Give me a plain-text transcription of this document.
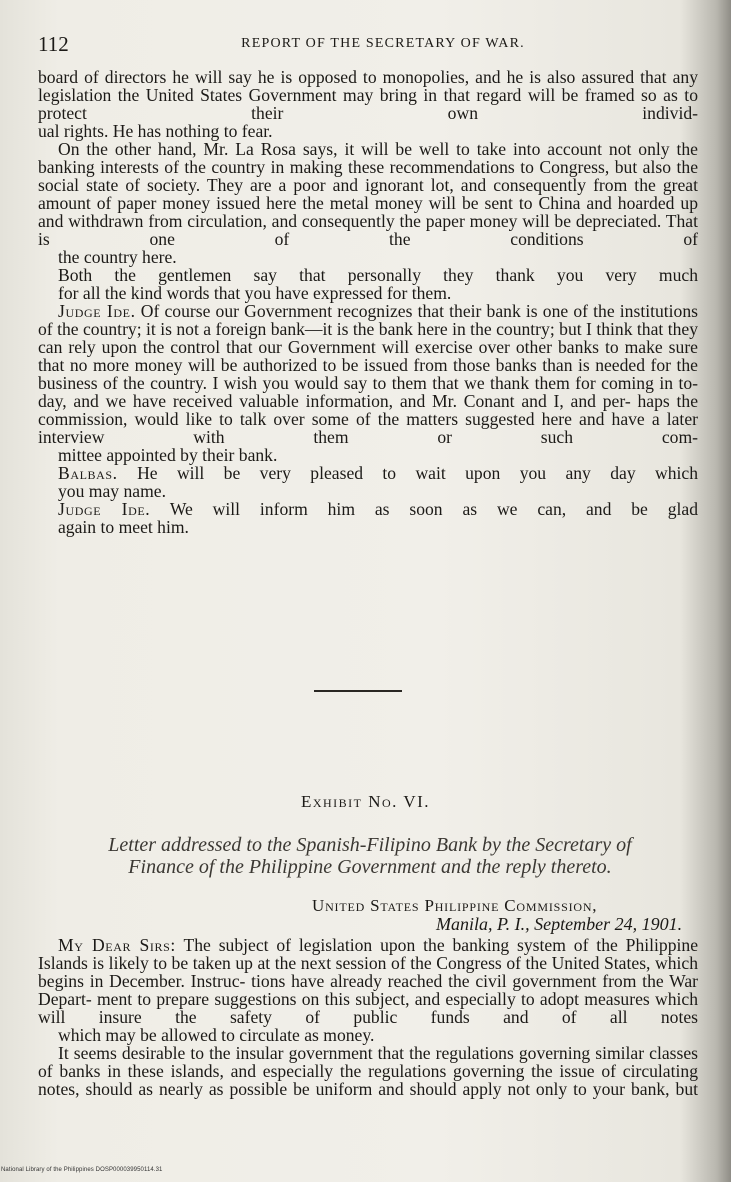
112	REPORT OF THE SECRETARY OF WAR.

board of directors he will say he is opposed to monopolies, and he is also assured that any legislation the United States Government may bring in that regard will be framed so as to protect their own individ-
ual rights. He has nothing to fear.

On the other hand, Mr. La Rosa says, it will be well to take into account not only the banking interests of the country in making these recommendations to Congress, but also the social state of society. They are a poor and ignorant lot, and consequently from the great amount of paper money issued here the metal money will be sent to China and hoarded up and withdrawn from circulation, and consequently the paper money will be depreciated. That is one of the conditions of
the country here.

Both the gentlemen say that personally they thank you very much
for all the kind words that you have expressed for them.

Judge Ide. Of course our Government recognizes that their bank is one of the institutions of the country; it is not a foreign bank—it is the bank here in the country; but I think that they can rely upon the control that our Government will exercise over other banks to make sure that no more money will be authorized to be issued from those banks than is needed for the business of the country. I wish you would say to them that we thank them for coming in to-day, and we have received valuable information, and Mr. Conant and I, and per- haps the commission, would like to talk over some of the matters suggested here and have a later interview with them or such com-
mittee appointed by their bank.

Balbas. He will be very pleased to wait upon you any day which
you may name.

Judge Ide. We will inform him as soon as we can, and be glad
again to meet him.

Exhibit No. VI.
Letter addressed to the Spanish-Filipino Bank by the Secretary of
Finance of the Philippine Government and the reply thereto.
United States Philippine Commission,
Manila, P. I., September 24, 1901.

My Dear Sirs: The subject of legislation upon the banking system of the Philippine Islands is likely to be taken up at the next session of the Congress of the United States, which begins in December. Instruc- tions have already reached the civil government from the War Depart- ment to prepare suggestions on this subject, and especially to adopt measures which will insure the safety of public funds and of all notes
which may be allowed to circulate as money.

It seems desirable to the insular government that the regulations governing similar classes of banks in these islands, and especially the regulations governing the issue of circulating notes, should as nearly as possible be uniform and should apply not only to your bank, but

National Library of the Philippines DOSP000039950114.31
